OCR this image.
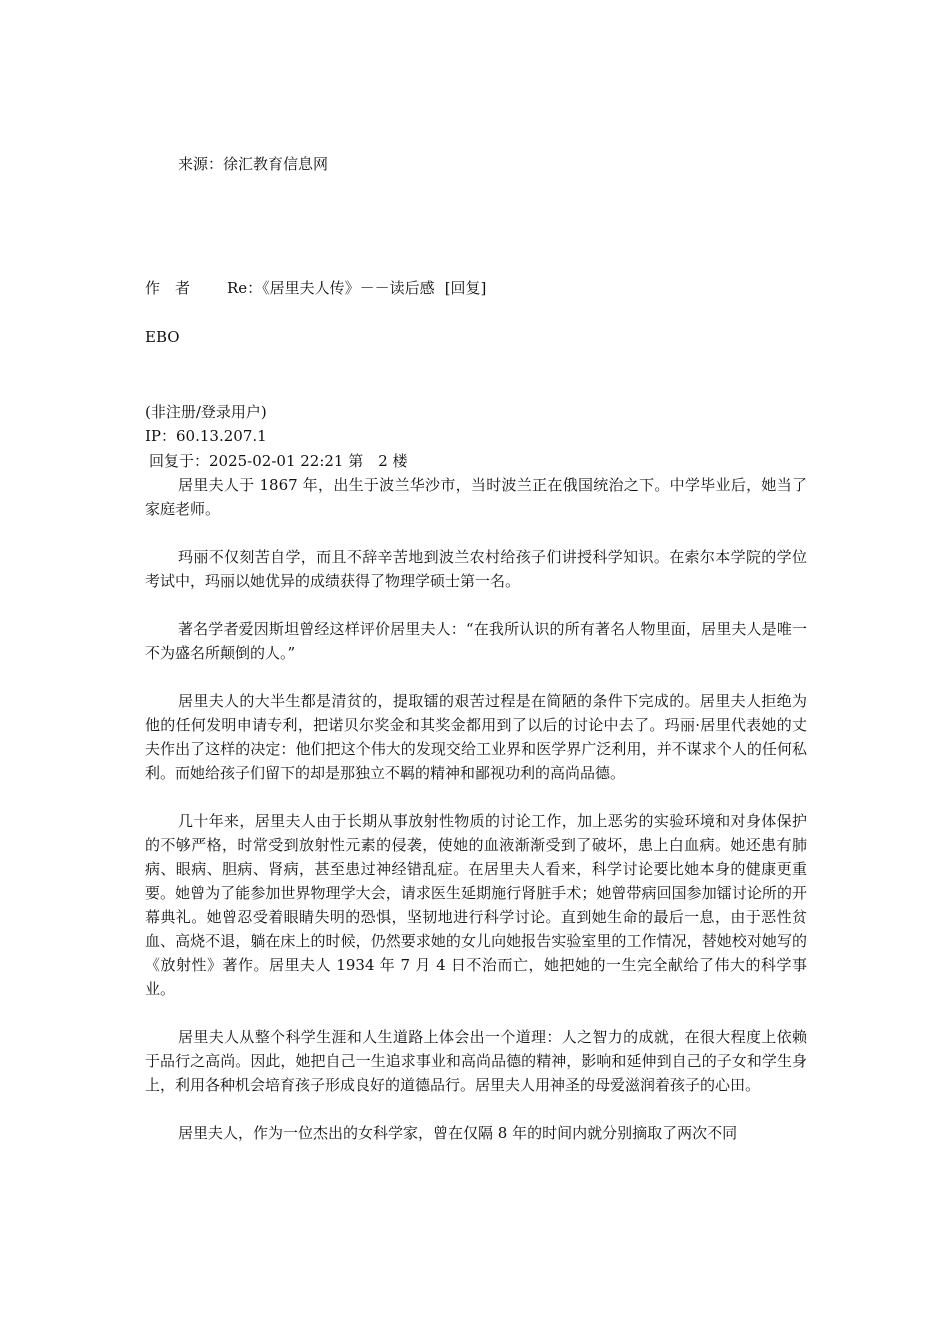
来源：徐汇教育信息网
作　者 Re：《居里夫人传》－－读后感 [回复]
EBO
(非注册/登录用户)
IP：60.13.207.1
回复于：2025-02-01 22:21 第　2 楼

居里夫人于 1867 年，出生于波兰华沙市，当时波兰正在俄国统治之下。中学毕业后，她当了家庭老师。

玛丽不仅刻苦自学，而且不辞辛苦地到波兰农村给孩子们讲授科学知识。在索尔本学院的学位考试中，玛丽以她优异的成绩获得了物理学硕士第一名。

著名学者爱因斯坦曾经这样评价居里夫人：“在我所认识的所有著名人物里面，居里夫人是唯一不为盛名所颠倒的人。”

居里夫人的大半生都是清贫的，提取镭的艰苦过程是在简陋的条件下完成的。居里夫人拒绝为他的任何发明申请专利，把诺贝尔奖金和其奖金都用到了以后的讨论中去了。玛丽·居里代表她的丈夫作出了这样的决定：他们把这个伟大的发现交给工业界和医学界广泛利用，并不谋求个人的任何私利。而她给孩子们留下的却是那独立不羁的精神和鄙视功利的高尚品德。

几十年来，居里夫人由于长期从事放射性物质的讨论工作，加上恶劣的实验环境和对身体保护的不够严格，时常受到放射性元素的侵袭，使她的血液渐渐受到了破坏，患上白血病。她还患有肺病、眼病、胆病、肾病，甚至患过神经错乱症。在居里夫人看来，科学讨论要比她本身的健康更重要。她曾为了能参加世界物理学大会，请求医生延期施行肾脏手术；她曾带病回国参加镭讨论所的开幕典礼。她曾忍受着眼睛失明的恐惧，坚韧地进行科学讨论。直到她生命的最后一息，由于恶性贫血、高烧不退，躺在床上的时候，仍然要求她的女儿向她报告实验室里的工作情况，替她校对她写的《放射性》著作。居里夫人 1934 年 7 月 4 日不治而亡，她把她的一生完全献给了伟大的科学事业。

居里夫人从整个科学生涯和人生道路上体会出一个道理：人之智力的成就，在很大程度上依赖于品行之高尚。因此，她把自己一生追求事业和高尚品德的精神，影响和延伸到自己的子女和学生身上，利用各种机会培育孩子形成良好的道德品行。居里夫人用神圣的母爱滋润着孩子的心田。

居里夫人，作为一位杰出的女科学家，曾在仅隔 8 年的时间内就分别摘取了两次不同
